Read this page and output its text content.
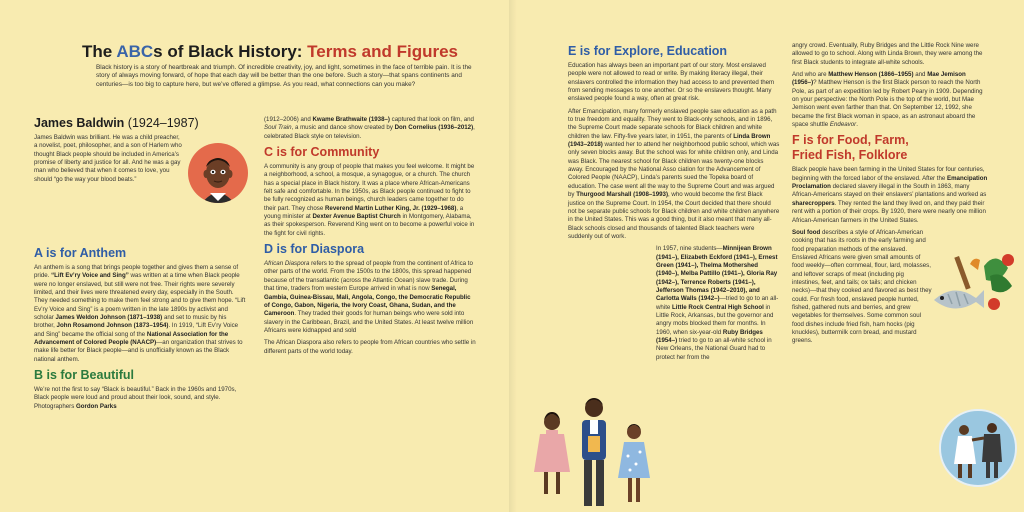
The ABCs of Black History: Terms and Figures
Black history is a story of heartbreak and triumph. Of incredible creativity, joy, and light, sometimes in the face of terrible pain. It is the story of always moving forward, of hope that each day will be better than the one before. Such a story—that spans continents and centuries—is too big to capture here, but we’ve offered a glimpse. As you read, what connections can you make?
James Baldwin (1924–1987)

James Baldwin was brilliant. He was a child preacher, a novelist, poet, philosopher, and a son of Harlem who thought Black people should be included in America’s promise of liberty and justice for all. And he was a gay man who believed that when it comes to love, you should “go the way your blood beats.”

A is for Anthem

An anthem is a song that brings people together and gives them a sense of pride. “Lift Ev’ry Voice and Sing” was written at a time when Black people were no longer enslaved, but still were not free. Their rights were severely limited, and their lives were threatened every day, especially in the South. They needed something to make them feel strong and to give them hope. “Lift Ev’ry Voice and Sing” is a poem written in the late 1890s by activist and scholar James Weldon Johnson (1871–1938) and set to music by his brother, John Rosamond Johnson (1873–1954). In 1919, “Lift Ev’ry Voice and Sing” became the official song of the National Association for the Advancement of Colored People (NAACP)—an organization that strives to make life better for Black people—and is unofficially known as the Black national anthem.

B is for Beautiful

We’re not the first to say “Black is beautiful.” Back in the 1960s and 1970s, Black people were loud and proud about their look, sound, and style. Photographers Gordon Parks

(1912–2006) and Kwame Brathwaite (1938–) captured that look on film, and Soul Train, a music and dance show created by Don Cornelius (1936–2012), celebrated Black style on television.

C is for Community

A community is any group of people that makes you feel welcome. It might be a neighborhood, a school, a mosque, a synagogue, or a church. The church has a special place in Black history. It was a place where African-Americans felt safe and comfortable. In the 1950s, as Black people continued to fight to be fully recognized as human beings, church leaders came together to do their part. They chose Reverend Martin Luther King, Jr. (1929–1968), a young minister at Dexter Avenue Baptist Church in Montgomery, Alabama, as their spokesperson. Reverend King went on to become a powerful voice in the fight for civil rights.

D is for Diaspora

African Diaspora refers to the spread of people from the continent of Africa to other parts of the world. From the 1500s to the 1800s, this spread happened because of the transatlantic (across the Atlantic Ocean) slave trade. During that time, traders from western Europe arrived in what is now Senegal, Gambia, Guinea-Bissau, Mali, Angola, Congo, the Democratic Republic of Congo, Gabon, Nigeria, the Ivory Coast, Ghana, Sudan, and the Cameroon. They traded their goods for human beings who were sold into slavery in the Caribbean, Brazil, and the United States. At least twelve million Africans were kidnapped and sold

The African Diaspora also refers to people from African countries who settle in different parts of the world today.

E is for Explore, Education

Education has always been an important part of our story. Most enslaved people were not allowed to read or write. By making literacy illegal, their enslavers controlled the information they had access to and prevented them from sending messages to one another. Or so the enslavers thought. Many enslaved people found a way, often at great risk.

After Emancipation, many formerly enslaved people saw education as a path to true freedom and equality. They went to Black-only schools, and in 1896, the Supreme Court made separate schools for Black children and white children the law. Fifty-five years later, in 1951, the parents of Linda Brown (1943–2018) wanted her to attend her neighborhood public school, which was only seven blocks away. But the school was for white children only, and Linda was Black. The nearest school for Black children was twenty-one blocks away. Encouraged by the National Asso ciation for the Advancement of Colored People (NAACP), Linda’s parents sued the Topeka board of education. The case went all the way to the Supreme Court and was argued by Thurgood Marshall (1908–1993), who would become the first Black justice on the Supreme Court. In 1954, the Court decided that there should not be separate public schools for Black children and white children anywhere in the United States. This was a good thing, but it also meant that many all-Black schools closed and thousands of talented Black teachers were suddenly out of work.

In 1957, nine students—Minnijean Brown (1941–), Elizabeth Eckford (1941–), Ernest Green (1941–), Thelma Mothershed (1940–), Melba Pattillo (1941–), Gloria Ray (1942–), Terrence Roberts (1941–), Jefferson Thomas (1942–2010), and Carlotta Walls (1942–)—tried to go to an all-white Little Rock Central High School in Little Rock, Arkansas, but the governor and angry mobs blocked them for months. In 1960, when six-year-old Ruby Bridges (1954–) tried to go to an all-white school in New Orleans, the National Guard had to protect her from the

angry crowd. Eventually, Ruby Bridges and the Little Rock Nine were allowed to go to school. Along with Linda Brown, they were among the first Black students to integrate all-white schools.

And who are Matthew Henson (1866–1955) and Mae Jemison (1956–)? Matthew Henson is the first Black person to reach the North Pole, as part of an expedition led by Robert Peary in 1909. Depending on your perspective: the North Pole is the top of the world, but Mae Jemison went even farther than that. On September 12, 1992, she became the first Black woman in space, as an astronaut aboard the space shuttle Endeavor.

F is for Food, Farm, Fried Fish, Folklore

Black people have been farming in the United States for four centuries, beginning with the forced labor of the enslaved. After the Emancipation Proclamation declared slavery illegal in the South in 1863, many African-Americans stayed on their enslavers’ plantations and worked as sharecroppers. They rented the land they lived on, and they paid their rent with a portion of their crops. By 1920, there were nearly one million African-American farmers in the United States.

Soul food describes a style of African-American cooking that has its roots in the early farming and food preparation methods of the enslaved. Enslaved Africans were given small amounts of food weekly—often cornmeal, flour, lard, molasses, and leftover scraps of meat (including pig intestines, feet, and tails; ox tails; and chicken necks)—that they cooked and flavored as best they could. For fresh food, enslaved people hunted, fished, gathered nuts and berries, and grew vegetables for themselves. Some common soul food dishes include fried fish, ham hocks (pig knuckles), buttermilk corn bread, and mustard greens.
